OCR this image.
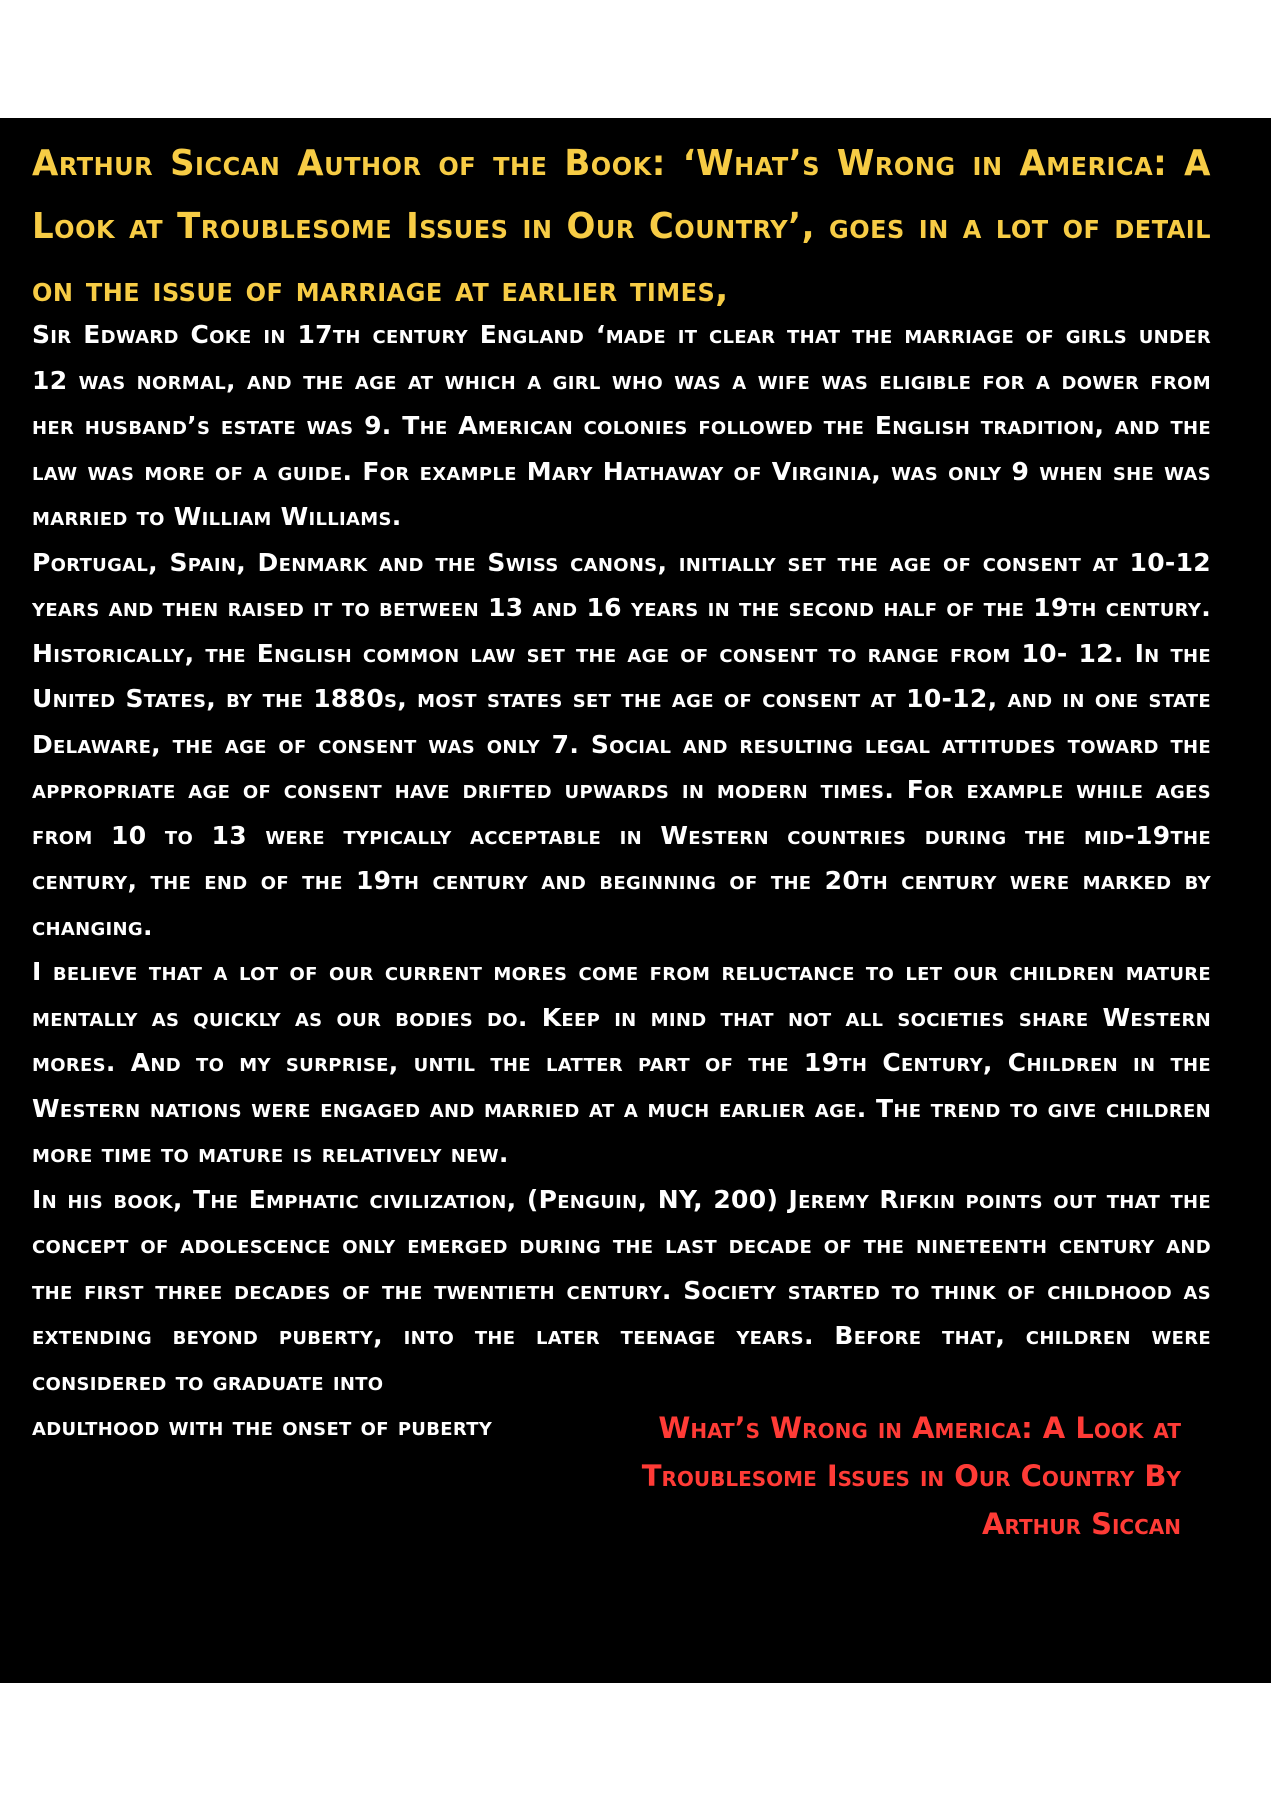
Arthur Siccan Author of the Book: ‘What’s Wrong in America: A Look at Troublesome Issues in Our Country’, goes in a lot of detail on the issue of marriage at earlier times,

Sir Edward Coke in 17th century England ‘made it clear that the marriage of girls under 12 was normal, and the age at which a girl who was a wife was eligible for a dower from her husband’s estate was 9. The American colonies followed the English tradition, and the law was more of a guide. For example Mary Hathaway of Virginia, was only 9 when she was married to William Williams.

Portugal, Spain, Denmark and the Swiss canons, initially set the age of consent at 10-12 years and then raised it to between 13 and 16 years in the second half of the 19th century. Historically, the English common law set the age of consent to range from 10- 12. In the United States, by the 1880s, most states set the age of consent at 10-12, and in one state Delaware, the age of consent was only 7. Social and resulting legal attitudes toward the appropriate age of consent have drifted upwards in modern times. For example while ages from 10 to 13 were typically acceptable in Western countries during the mid-19the century, the end of the 19th century and beginning of the 20th century were marked by changing.

I believe that a lot of our current mores come from reluctance to let our children mature mentally as quickly as our bodies do. Keep in mind that not all societies share Western mores. And to my surprise, until the latter part of the 19th Century, Children in the Western nations were engaged and married at a much earlier age. The trend to give children more time to mature is relatively new.

In his book, The Emphatic civilization, (Penguin, NY, 200) Jeremy Rifkin points out that the concept of adolescence only emerged during the last decade of the nineteenth century and the first three decades of the twentieth century. Society started to think of childhood as extending beyond puberty, into the later teenage years. Before that, children were considered to graduate into

adulthood with the onset of puberty	What’s Wrong in America: A Look at Troublesome Issues in Our Country By Arthur Siccan
